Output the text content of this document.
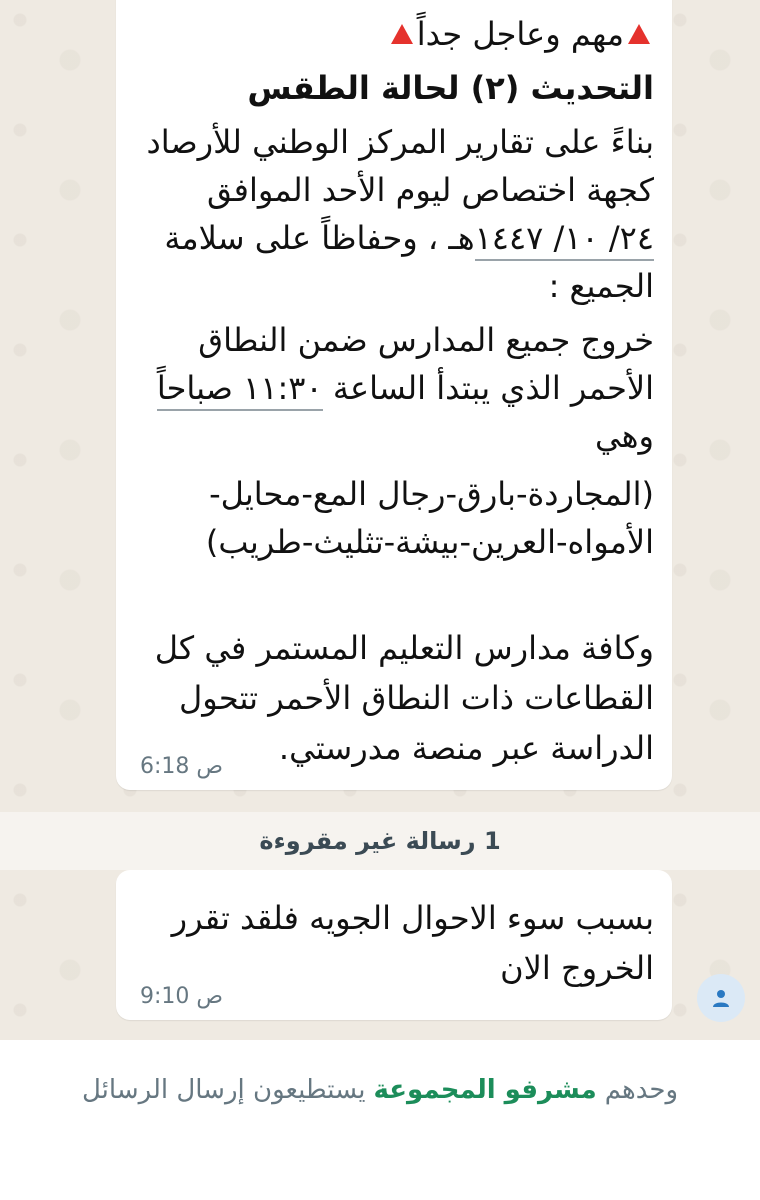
مهم وعاجل جداً
التحديث (٢) لحالة الطقس
بناءً على تقارير المركز الوطني للأرصاد
كجهة اختصاص ليوم الأحد الموافق
٢٤/ ١٠/ ١٤٤٧هـ ، وحفاظاً على سلامة
الجميع :
خروج جميع المدارس ضمن النطاق
الأحمر الذي يبتدأ الساعة ١١:٣٠ صباحاً
وهي
(المجاردة-بارق-رجال المع-محايل-
الأمواه-العرين-بيشة-تثليث-طريب)
وكافة مدارس التعليم المستمر في كل
القطاعات ذات النطاق الأحمر تتحول
الدراسة عبر منصة مدرستي.
6:18 ص
1 رسالة غير مقروءة
بسبب سوء الاحوال الجويه فلقد تقرر
الخروج الان
9:10 ص
وحدهم
مشرفو المجموعة
يستطيعون إرسال الرسائل
